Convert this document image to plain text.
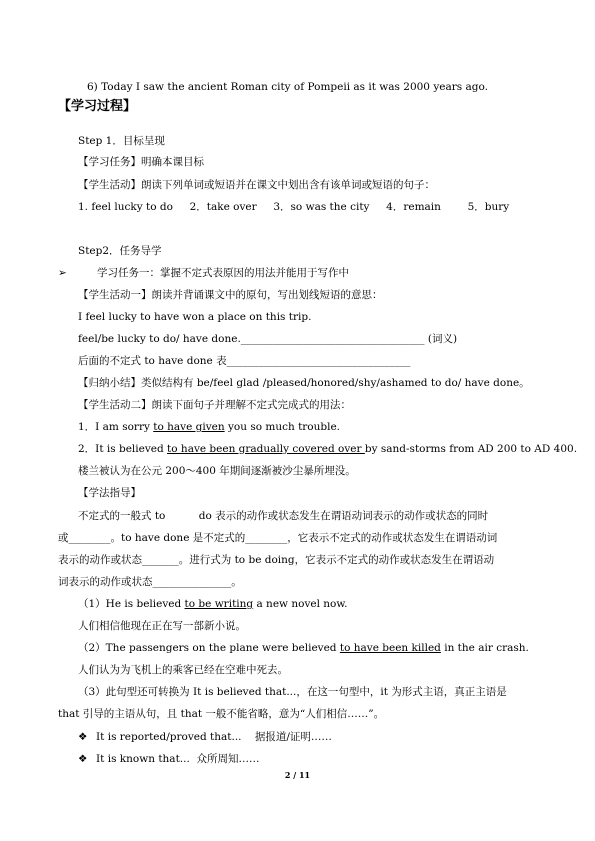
6) Today I saw the ancient Roman city of Pompeii as it was 2000 years ago.
【学习过程】
Step 1．目标呈现
【学习任务】明确本课目标
【学生活动】朗读下列单词或短语并在课文中划出含有该单词或短语的句子：
1. feel lucky to do     2．take over     3．so was the city     4．remain        5．bury
Step2．任务导学
➢	学习任务一：掌握不定式表原因的用法并能用于写作中
【学生活动一】朗读并背诵课文中的原句，写出划线短语的意思：
I feel lucky to have won a place on this trip.
feel/be lucky to do/ have done.___________________________________ (词义)
后面的不定式 to have done 表___________________________________
【归纳小结】类似结构有 be/feel glad /pleased/honored/shy/ashamed to do/ have done。
【学生活动二】朗读下面句子并理解不定式完成式的用法：
1．I am sorry to have given you so much trouble.
2．It is believed to have been gradually covered over by sand-storms from AD 200 to AD 400.
楼兰被认为在公元 200～400 年期间逐渐被沙尘暴所埋没。
【学法指导】
不定式的一般式 to          do 表示的动作或状态发生在谓语动词表示的动作或状态的同时
或________。to have done 是不定式的________，它表示不定式的动作或状态发生在谓语动词
表示的动作或状态_______。进行式为 to be doing，它表示不定式的动作或状态发生在谓语动
词表示的动作或状态_______________。
（1）He is believed to be writing a new novel now.
人们相信他现在正在写一部新小说。
（2）The passengers on the plane were believed to have been killed in the air crash.
人们认为为飞机上的乘客已经在空难中死去。
（3）此句型还可转换为 It is believed that...，在这一句型中，it 为形式主语，真正主语是
that 引导的主语从句，且 that 一般不能省略，意为“人们相信……”。
❖ It is reported/proved that...    据报道/证明……
❖ It is known that...  众所周知……
2 / 11
